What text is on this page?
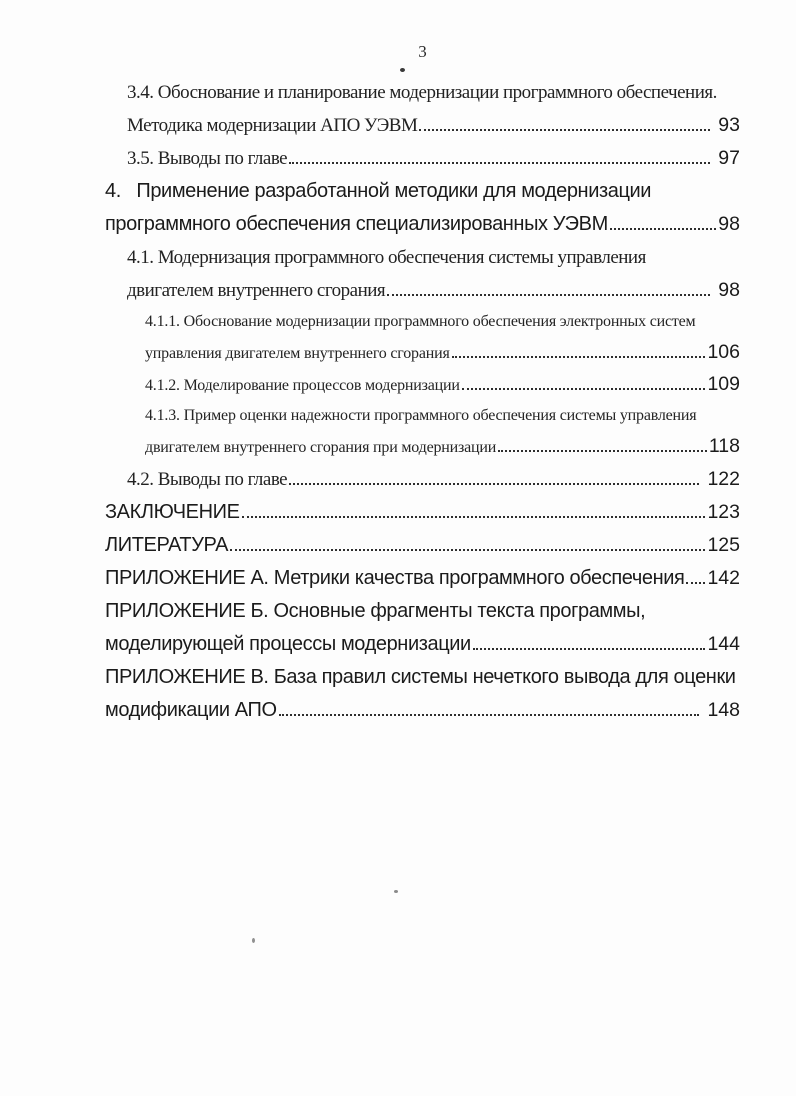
3
3.4. Обоснование и планирование модернизации программного обеспечения.
Методика модернизации АПО УЭВМ	93
3.5. Выводы по главе	97
4.   Применение разработанной методики для модернизации
программного обеспечения специализированных УЭВМ	98
4.1. Модернизация программного обеспечения системы управления
двигателем внутреннего сгорания	98
4.1.1. Обоснование модернизации программного обеспечения электронных систем
управления двигателем внутреннего сгорания	106
4.1.2. Моделирование процессов модернизации	109
4.1.3. Пример оценки надежности программного обеспечения системы управления
двигателем внутреннего сгорания при модернизации	118
4.2. Выводы по главе	122
ЗАКЛЮЧЕНИЕ	123
ЛИТЕРАТУРА	125
ПРИЛОЖЕНИЕ А. Метрики качества программного обеспечения 142
ПРИЛОЖЕНИЕ Б. Основные фрагменты текста программы,
моделирующей процессы модернизации	144
ПРИЛОЖЕНИЕ В. База правил системы нечеткого вывода для оценки
модификации АПО	148
